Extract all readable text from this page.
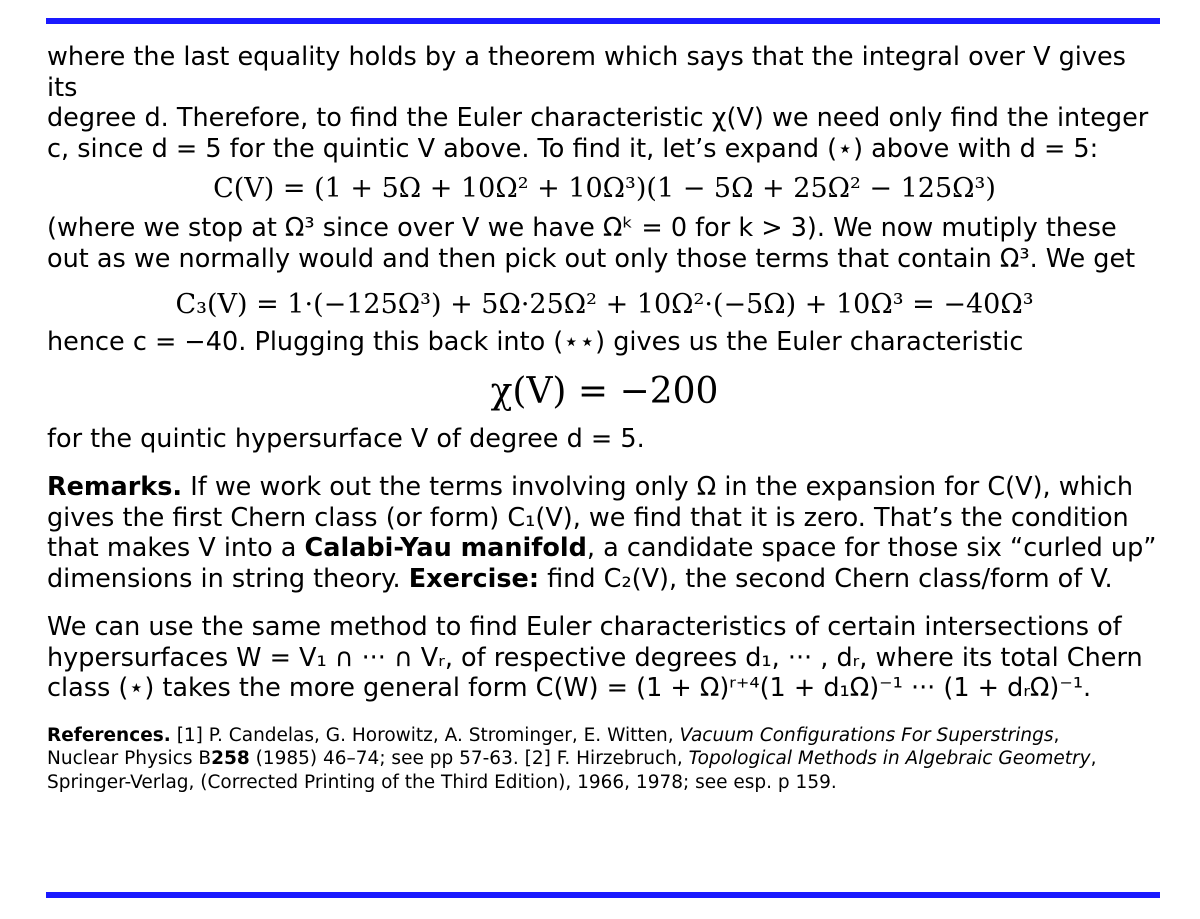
where the last equality holds by a theorem which says that the integral over V gives its
degree d. Therefore, to find the Euler characteristic χ(V) we need only find the integer
c, since d = 5 for the quintic V above. To find it, let’s expand (⋆) above with d = 5:

C(V) = (1 + 5Ω + 10Ω² + 10Ω³)(1 − 5Ω + 25Ω² − 125Ω³)

(where we stop at Ω³ since over V we have Ωᵏ = 0 for k > 3). We now mutiply these
out as we normally would and then pick out only those terms that contain Ω³. We get

C₃(V) = 1·(−125Ω³) + 5Ω·25Ω² + 10Ω²·(−5Ω) + 10Ω³ = −40Ω³

hence c = −40. Plugging this back into (⋆⋆) gives us the Euler characteristic

χ(V) = −200

for the quintic hypersurface V of degree d = 5.

Remarks. If we work out the terms involving only Ω in the expansion for C(V), which
gives the first Chern class (or form) C₁(V), we find that it is zero. That’s the condition
that makes V into a Calabi-Yau manifold, a candidate space for those six “curled up”
dimensions in string theory. Exercise: find C₂(V), the second Chern class/form of V.

We can use the same method to find Euler characteristics of certain intersections of
hypersurfaces W = V₁ ∩ ··· ∩ Vᵣ, of respective degrees d₁, ··· , dᵣ, where its total Chern
class (⋆) takes the more general form C(W) = (1 + Ω)ʳ⁺⁴(1 + d₁Ω)⁻¹ ··· (1 + dᵣΩ)⁻¹.

References. [1] P. Candelas, G. Horowitz, A. Strominger, E. Witten, Vacuum Configurations For Superstrings,
Nuclear Physics B258 (1985) 46–74; see pp 57-63. [2] F. Hirzebruch, Topological Methods in Algebraic Geometry,
Springer-Verlag, (Corrected Printing of the Third Edition), 1966, 1978; see esp. p 159.
